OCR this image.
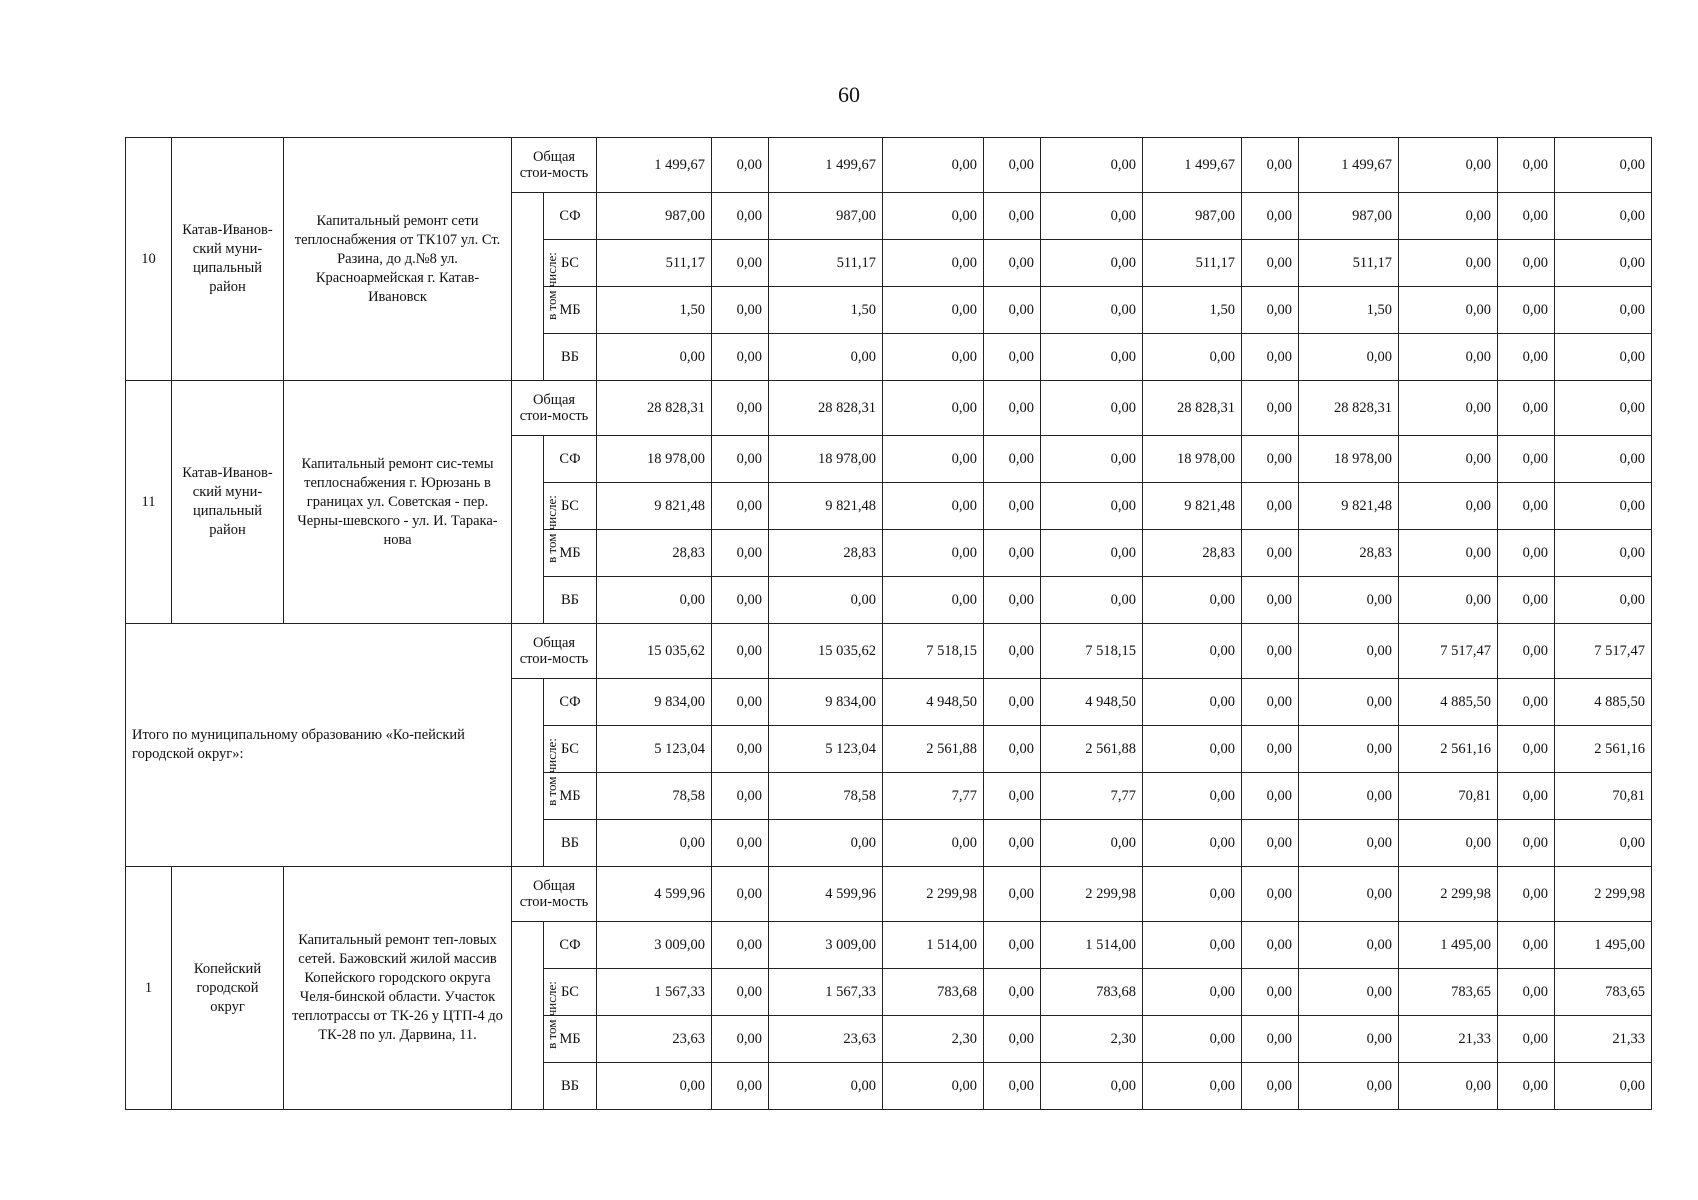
60
10	Катав-Иванов-ский муни-ципальный район	Капитальный ремонт сети теплоснабжения от ТК107 ул. Ст. Разина, до д.№8 ул. Красноармейская г. Катав-Ивановск	Общая стои-мость		1 499,67	0,00	1 499,67	0,00	0,00	0,00	1 499,67	0,00	1 499,67	0,00	0,00	0,00
			в том числе:	СФ	987,00	0,00	987,00	0,00	0,00	0,00	987,00	0,00	987,00	0,00	0,00	0,00
				БС	511,17	0,00	511,17	0,00	0,00	0,00	511,17	0,00	511,17	0,00	0,00	0,00
				МБ	1,50	0,00	1,50	0,00	0,00	0,00	1,50	0,00	1,50	0,00	0,00	0,00
				ВБ	0,00	0,00	0,00	0,00	0,00	0,00	0,00	0,00	0,00	0,00	0,00	0,00
11	Катав-Иванов-ский муни-ципальный район	Капитальный ремонт сис-темы теплоснабжения г. Юрюзань в границах ул. Советская - пер. Черны-шевского - ул. И. Тарака-нова	Общая стои-мость		28 828,31	0,00	28 828,31	0,00	0,00	0,00	28 828,31	0,00	28 828,31	0,00	0,00	0,00
			в том числе:	СФ	18 978,00	0,00	18 978,00	0,00	0,00	0,00	18 978,00	0,00	18 978,00	0,00	0,00	0,00
				БС	9 821,48	0,00	9 821,48	0,00	0,00	0,00	9 821,48	0,00	9 821,48	0,00	0,00	0,00
				МБ	28,83	0,00	28,83	0,00	0,00	0,00	28,83	0,00	28,83	0,00	0,00	0,00
				ВБ	0,00	0,00	0,00	0,00	0,00	0,00	0,00	0,00	0,00	0,00	0,00	0,00
Итого по муниципальному образованию «Ко-пейский городской округ»:			Общая стои-мость		15 035,62	0,00	15 035,62	7 518,15	0,00	7 518,15	0,00	0,00	0,00	7 517,47	0,00	7 517,47
			в том числе:	СФ	9 834,00	0,00	9 834,00	4 948,50	0,00	4 948,50	0,00	0,00	0,00	4 885,50	0,00	4 885,50
				БС	5 123,04	0,00	5 123,04	2 561,88	0,00	2 561,88	0,00	0,00	0,00	2 561,16	0,00	2 561,16
				МБ	78,58	0,00	78,58	7,77	0,00	7,77	0,00	0,00	0,00	70,81	0,00	70,81
				ВБ	0,00	0,00	0,00	0,00	0,00	0,00	0,00	0,00	0,00	0,00	0,00	0,00
1	Копейский городской округ	Капитальный ремонт теп-ловых сетей. Бажовский жилой массив Копейского городского округа Челя-бинской области. Участок теплотрассы от ТК-26 у ЦТП-4 до ТК-28 по ул. Дарвина, 11.	Общая стои-мость		4 599,96	0,00	4 599,96	2 299,98	0,00	2 299,98	0,00	0,00	0,00	2 299,98	0,00	2 299,98
			в том числе:	СФ	3 009,00	0,00	3 009,00	1 514,00	0,00	1 514,00	0,00	0,00	0,00	1 495,00	0,00	1 495,00
				БС	1 567,33	0,00	1 567,33	783,68	0,00	783,68	0,00	0,00	0,00	783,65	0,00	783,65
				МБ	23,63	0,00	23,63	2,30	0,00	2,30	0,00	0,00	0,00	21,33	0,00	21,33
				ВБ	0,00	0,00	0,00	0,00	0,00	0,00	0,00	0,00	0,00	0,00	0,00	0,00
